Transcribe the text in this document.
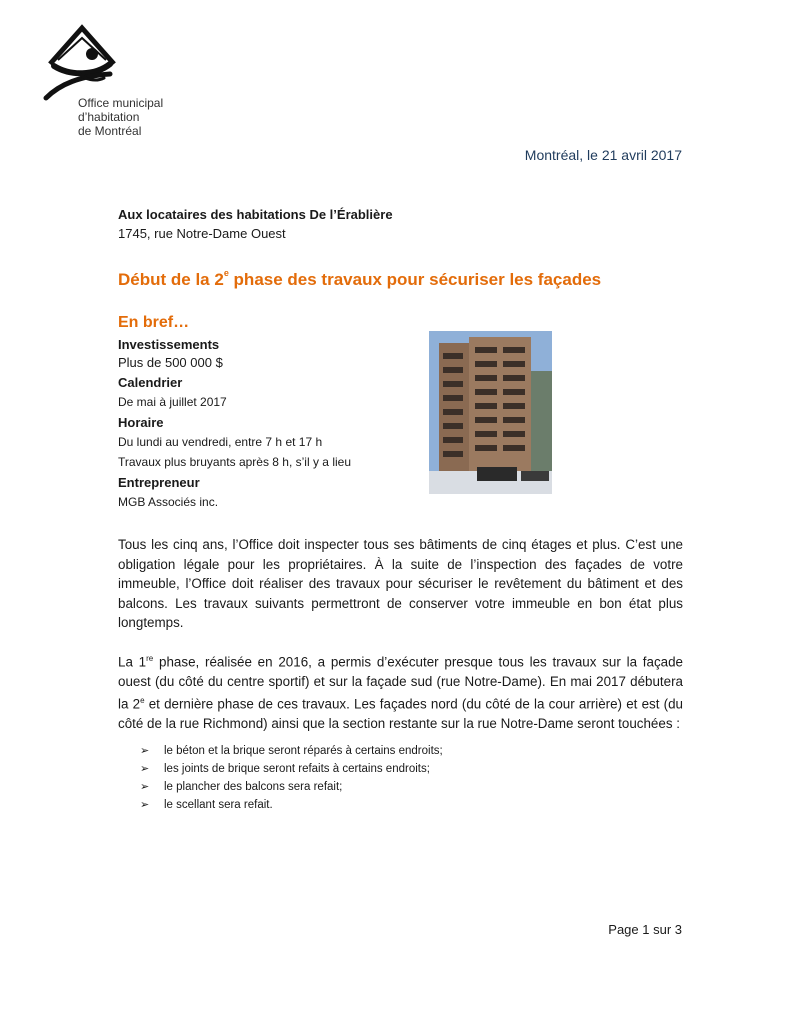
Office municipal
d’habitation
de Montréal
Montréal, le 21 avril 2017
Aux locataires des habitations De l’Érablière
1745, rue Notre-Dame Ouest
Début de la 2e phase des travaux pour sécuriser les façades
En bref…
Investissements
Plus de 500 000 $
Calendrier
De mai à juillet 2017
Horaire
Du lundi au vendredi, entre 7 h et 17 h
Travaux plus bruyants après 8 h, s’il y a lieu
Entrepreneur
MGB Associés inc.
Tous les cinq ans, l’Office doit inspecter tous ses bâtiments de cinq étages et plus. C’est une obligation légale pour les propriétaires. À la suite de l’inspection des façades de votre immeuble, l’Office doit réaliser des travaux pour sécuriser le revêtement du bâtiment et des balcons. Les travaux suivants permettront de conserver votre immeuble en bon état plus longtemps.
La 1re phase, réalisée en 2016, a permis d’exécuter presque tous les travaux sur la façade ouest (du côté du centre sportif) et sur la façade sud (rue Notre-Dame). En mai 2017 débutera la 2e et dernière phase de ces travaux. Les façades nord (du côté de la cour arrière) et est (du côté de la rue Richmond) ainsi que la section restante sur la rue Notre-Dame seront touchées :
➢	le béton et la brique seront réparés à certains endroits;
➢	les joints de brique seront refaits à certains endroits;
➢	le plancher des balcons sera refait;
➢	le scellant sera refait.
Page 1 sur 3
